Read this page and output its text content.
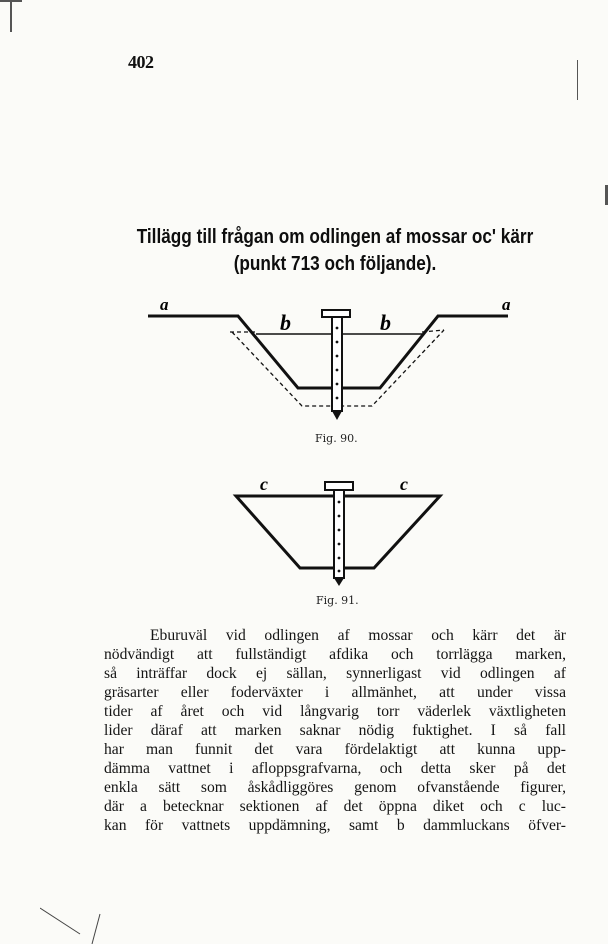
402
Tillägg till frågan om odlingen af mossar oc' kärr
(punkt 713 och följande).
a
b	b
a
Fig. 90.
c	c
Fig. 91.
Eburuväl vid odlingen af mossar och kärr det är
nödvändigt att fullständigt afdika och torrlägga marken,
så inträffar dock ej sällan, synnerligast vid odlingen af
gräsarter eller foderväxter i allmänhet, att under vissa
tider af året och vid långvarig torr väderlek växtligheten
lider däraf att marken saknar nödig fuktighet. I så fall
har man funnit det vara fördelaktigt att kunna upp-
dämma vattnet i afloppsgrafvarna, och detta sker på det
enkla sätt som åskådliggöres genom ofvanstående figurer,
där a betecknar sektionen af det öppna diket och c luc-
kan för vattnets uppdämning, samt b dammluckans öfver-
